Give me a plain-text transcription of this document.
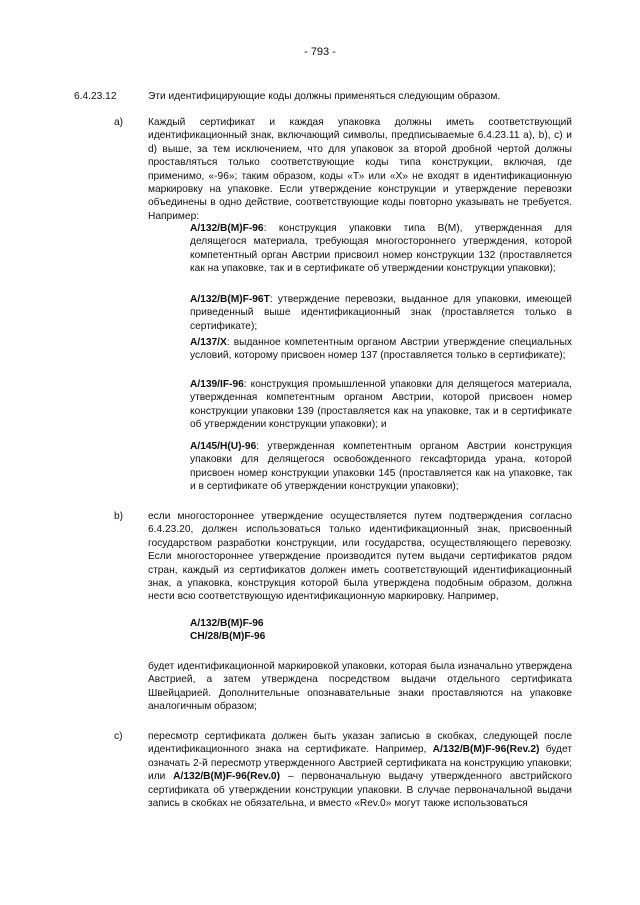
- 793 -
6.4.23.12	Эти идентифицирующие коды должны применяться следующим образом.
a) Каждый сертификат и каждая упаковка должны иметь соответствующий идентификационный знак, включающий символы, предписываемые 6.4.23.11 a), b), c) и d) выше, за тем исключением, что для упаковок за второй дробной чертой должны проставляться только соответствующие коды типа конструкции, включая, где применимо, «-96»; таким образом, коды «Т» или «Х» не входят в идентификационную маркировку на упаковке. Если утверждение конструкции и утверждение перевозки объединены в одно действие, соответствующие коды повторно указывать не требуется. Например:

A/132/B(M)F-96: конструкция упаковки типа B(M), утвержденная для делящегося материала, требующая многостороннего утверждения, которой компетентный орган Австрии присвоил номер конструкции 132 (проставляется как на упаковке, так и в сертификате об утверждении конструкции упаковки);
A/132/B(M)F-96T: утверждение перевозки, выданное для упаковки, имеющей приведенный выше идентификационный знак (проставляется только в сертификате);
A/137/X: выданное компетентным органом Австрии утверждение специальных условий, которому присвоен номер 137 (проставляется только в сертификате);
A/139/IF-96: конструкция промышленной упаковки для делящегося материала, утвержденная компетентным органом Австрии, которой присвоен номер конструкции упаковки 139 (проставляется как на упаковке, так и в сертификате об утверждении конструкции упаковки); и
A/145/H(U)-96: утвержденная компетентным органом Австрии конструкция упаковки для делящегося освобожденного гексафторида урана, которой присвоен номер конструкции упаковки 145 (проставляется как на упаковке, так и в сертификате об утверждении конструкции упаковки);
b) если многостороннее утверждение осуществляется путем подтверждения согласно 6.4.23.20, должен использоваться только идентификационный знак, присвоенный государством разработки конструкции, или государства, осуществляющего перевозку. Если многостороннее утверждение производится путем выдачи сертификатов рядом стран, каждый из сертификатов должен иметь соответствующий идентификационный знак, а упаковка, конструкция которой была утверждена подобным образом, должна нести всю соответствующую идентификационную маркировку. Например,

A/132/B(M)F-96
CH/28/B(M)F-96

будет идентификационной маркировкой упаковки, которая была изначально утверждена Австрией, а затем утверждена посредством выдачи отдельного сертификата Швейцарией. Дополнительные опознавательные знаки проставляются на упаковке аналогичным образом;

c)	пересмотр сертификата должен быть указан записью в скобках, следующей после идентификационного знака на сертификате. Например, A/132/B(M)F-96(Rev.2) будет означать 2-й пересмотр утвержденного Австрией сертификата на конструкцию упаковки; или A/132/B(M)F-96(Rev.0) – первоначальную выдачу утвержденного австрийского сертификата об утверждении конструкции упаковки. В случае первоначальной выдачи запись в скобках не обязательна, и вместо «Rev.0» могут также использоваться
